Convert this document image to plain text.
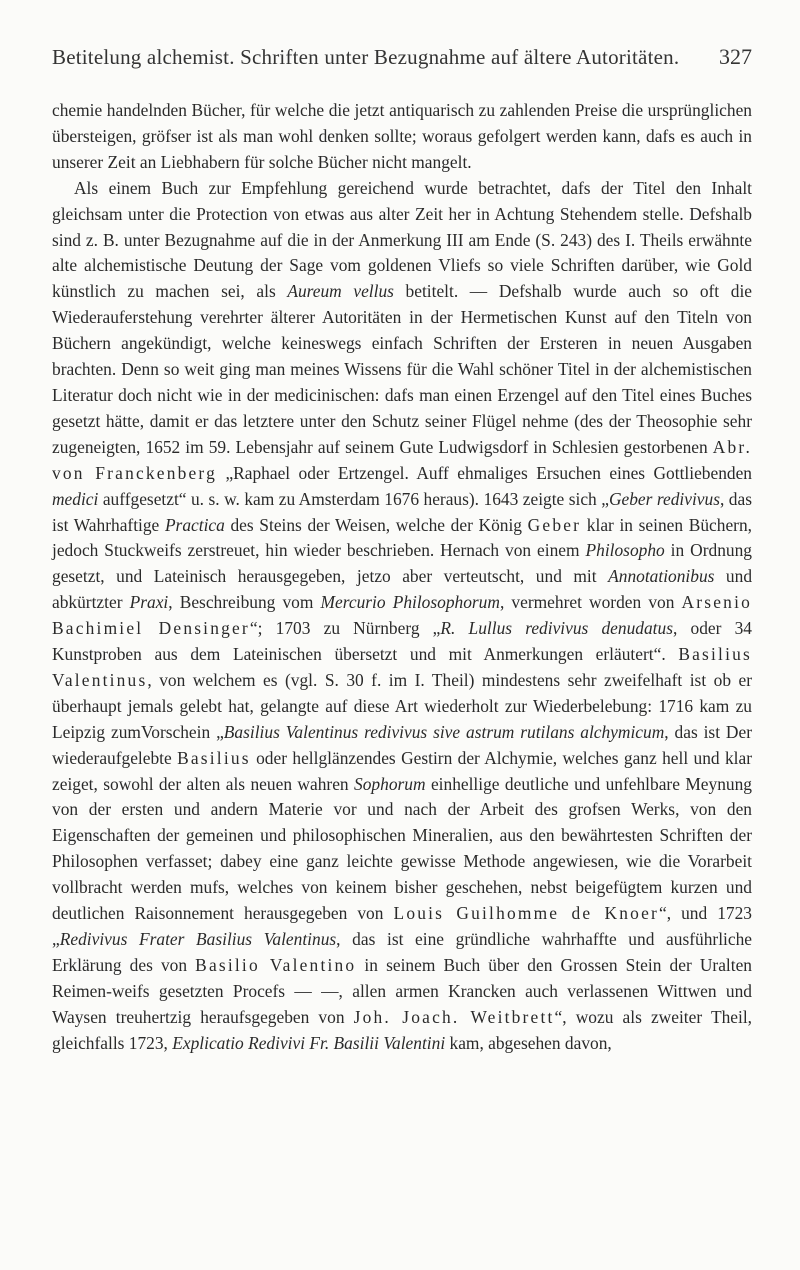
Betitelung alchemist. Schriften unter Bezugnahme auf ältere Autoritäten. 327

chemie handelnden Bücher, für welche die jetzt antiquarisch zu zahlenden Preise die ursprünglichen übersteigen, gröfser ist als man wohl denken sollte; woraus gefolgert werden kann, dafs es auch in unserer Zeit an Liebhabern für solche Bücher nicht mangelt.

Als einem Buch zur Empfehlung gereichend wurde betrachtet, dafs der Titel den Inhalt gleichsam unter die Protection von etwas aus alter Zeit her in Achtung Stehendem stelle. Defshalb sind z. B. unter Bezugnahme auf die in der Anmerkung III am Ende (S. 243) des I. Theils erwähnte alte alchemistische Deutung der Sage vom goldenen Vliefs so viele Schriften darüber, wie Gold künstlich zu machen sei, als Aureum vellus betitelt. — Defshalb wurde auch so oft die Wiederauferstehung verehrter älterer Autoritäten in der Hermetischen Kunst auf den Titeln von Büchern angekündigt, welche keineswegs einfach Schriften der Ersteren in neuen Ausgaben brachten. Denn so weit ging man meines Wissens für die Wahl schöner Titel in der alchemistischen Literatur doch nicht wie in der medicinischen: dafs man einen Erzengel auf den Titel eines Buches gesetzt hätte, damit er das letztere unter den Schutz seiner Flügel nehme (des der Theosophie sehr zugeneigten, 1652 im 59. Lebensjahr auf seinem Gute Ludwigsdorf in Schlesien gestorbenen Abr. von Franckenberg „Raphael oder Ertzengel. Auff ehmaliges Ersuchen eines Gottliebenden medici auffgesetzt“ u. s. w. kam zu Amsterdam 1676 heraus). 1643 zeigte sich „Geber redivivus, das ist Wahrhaftige Practica des Steins der Weisen, welche der König Geber klar in seinen Büchern, jedoch Stuckweifs zerstreuet, hin wieder beschrieben. Hernach von einem Philosopho in Ordnung gesetzt, und Lateinisch herausgegeben, jetzo aber verteutscht, und mit Annotationibus und abkürtzter Praxi, Beschreibung vom Mercurio Philosophorum, vermehret worden von Arsenio Bachimiel Densinger“; 1703 zu Nürnberg „R. Lullus redivivus denudatus, oder 34 Kunstproben aus dem Lateinischen übersetzt und mit Anmerkungen erläutert“. Basilius Valentinus, von welchem es (vgl. S. 30 f. im I. Theil) mindestens sehr zweifelhaft ist ob er überhaupt jemals gelebt hat, gelangte auf diese Art wiederholt zur Wiederbelebung: 1716 kam zu Leipzig zumVorschein „Basilius Valentinus redivivus sive astrum rutilans alchymicum, das ist Der wiederaufgelebte Basilius oder hellglänzendes Gestirn der Alchymie, welches ganz hell und klar zeiget, sowohl der alten als neuen wahren Sophorum einhellige deutliche und unfehlbare Meynung von der ersten und andern Materie vor und nach der Arbeit des grofsen Werks, von den Eigenschaften der gemeinen und philosophischen Mineralien, aus den bewährtesten Schriften der Philosophen verfasset; dabey eine ganz leichte gewisse Methode angewiesen, wie die Vorarbeit vollbracht werden mufs, welches von keinem bisher geschehen, nebst beigefügtem kurzen und deutlichen Raisonnement herausgegeben von Louis Guilhomme de Knoer“, und 1723 „Redivivus Frater Basilius Valentinus, das ist eine gründliche wahrhaffte und ausführliche Erklärung des von Basilio Valentino in seinem Buch über den Grossen Stein der Uralten Reimen-weifs gesetzten Procefs — —, allen armen Krancken auch verlassenen Wittwen und Waysen treuhertzig heraufsgegeben von Joh. Joach. Weitbrett“, wozu als zweiter Theil, gleichfalls 1723, Explicatio Redivivi Fr. Basilii Valentini kam, abgesehen davon,
